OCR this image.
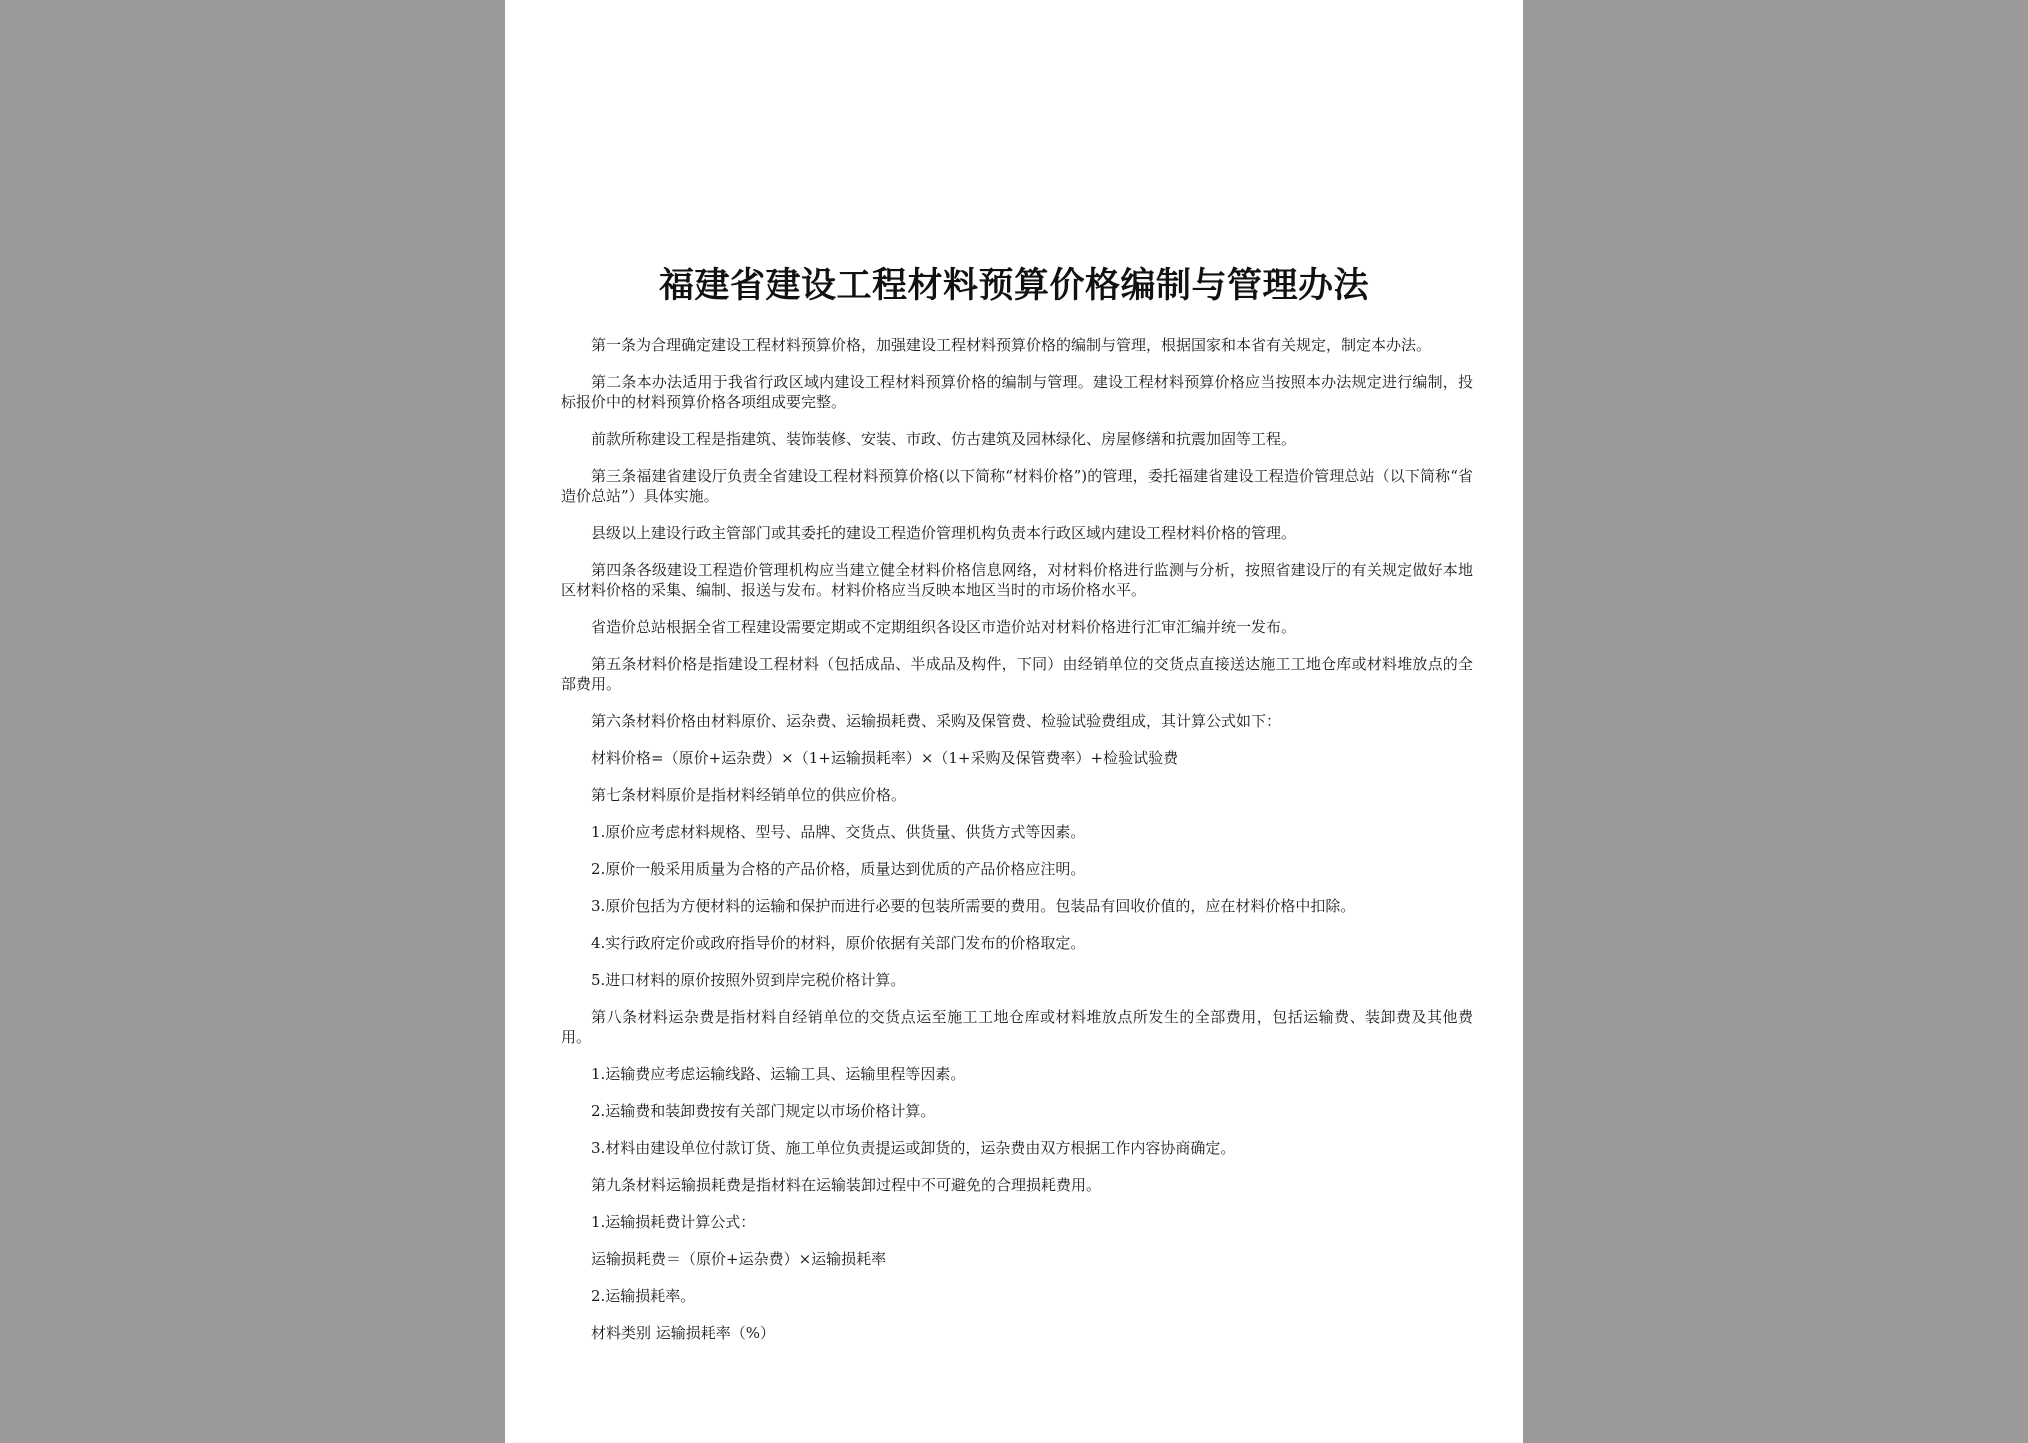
福建省建设工程材料预算价格编制与管理办法

第一条为合理确定建设工程材料预算价格，加强建设工程材料预算价格的编制与管理，根据国家和本省有关规定，制定本办法。

第二条本办法适用于我省行政区域内建设工程材料预算价格的编制与管理。建设工程材料预算价格应当按照本办法规定进行编制，投标报价中的材料预算价格各项组成要完整。

前款所称建设工程是指建筑、装饰装修、安装、市政、仿古建筑及园林绿化、房屋修缮和抗震加固等工程。

第三条福建省建设厅负责全省建设工程材料预算价格(以下简称“材料价格”)的管理，委托福建省建设工程造价管理总站（以下简称“省造价总站”）具体实施。

县级以上建设行政主管部门或其委托的建设工程造价管理机构负责本行政区域内建设工程材料价格的管理。

第四条各级建设工程造价管理机构应当建立健全材料价格信息网络，对材料价格进行监测与分析，按照省建设厅的有关规定做好本地区材料价格的采集、编制、报送与发布。材料价格应当反映本地区当时的市场价格水平。

省造价总站根据全省工程建设需要定期或不定期组织各设区市造价站对材料价格进行汇审汇编并统一发布。

第五条材料价格是指建设工程材料（包括成品、半成品及构件，下同）由经销单位的交货点直接送达施工工地仓库或材料堆放点的全部费用。

第六条材料价格由材料原价、运杂费、运输损耗费、采购及保管费、检验试验费组成，其计算公式如下：

材料价格=（原价+运杂费）×（1+运输损耗率）×（1+采购及保管费率）+检验试验费

第七条材料原价是指材料经销单位的供应价格。

1.原价应考虑材料规格、型号、品牌、交货点、供货量、供货方式等因素。

2.原价一般采用质量为合格的产品价格，质量达到优质的产品价格应注明。

3.原价包括为方便材料的运输和保护而进行必要的包装所需要的费用。包装品有回收价值的，应在材料价格中扣除。

4.实行政府定价或政府指导价的材料，原价依据有关部门发布的价格取定。

5.进口材料的原价按照外贸到岸完税价格计算。

第八条材料运杂费是指材料自经销单位的交货点运至施工工地仓库或材料堆放点所发生的全部费用，包括运输费、装卸费及其他费用。

1.运输费应考虑运输线路、运输工具、运输里程等因素。

2.运输费和装卸费按有关部门规定以市场价格计算。

3.材料由建设单位付款订货、施工单位负责提运或卸货的，运杂费由双方根据工作内容协商确定。

第九条材料运输损耗费是指材料在运输装卸过程中不可避免的合理损耗费用。

1.运输损耗费计算公式：

运输损耗费＝（原价+运杂费）×运输损耗率

2.运输损耗率。

材料类别 运输损耗率（%）
